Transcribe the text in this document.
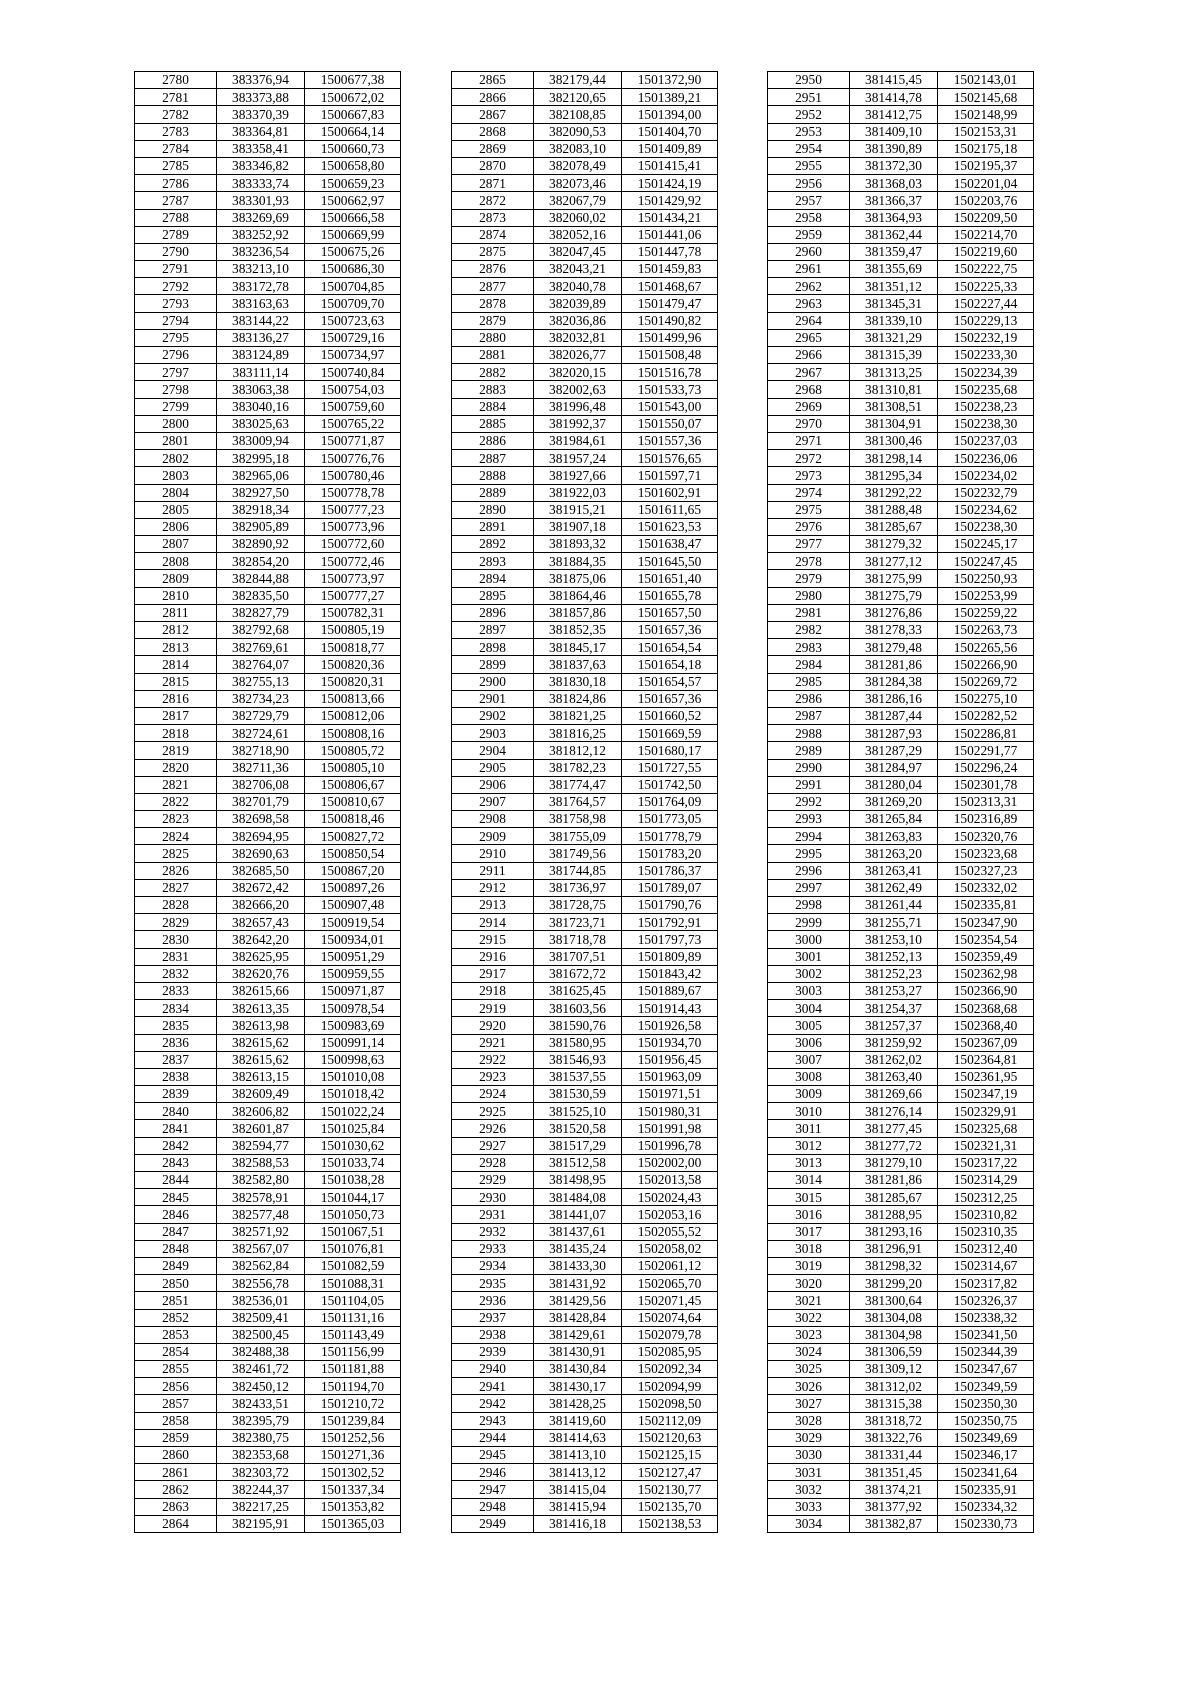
2780	383376,94	1500677,38
2781	383373,88	1500672,02
2782	383370,39	1500667,83
2783	383364,81	1500664,14
2784	383358,41	1500660,73
2785	383346,82	1500658,80
2786	383333,74	1500659,23
2787	383301,93	1500662,97
2788	383269,69	1500666,58
2789	383252,92	1500669,99
2790	383236,54	1500675,26
2791	383213,10	1500686,30
2792	383172,78	1500704,85
2793	383163,63	1500709,70
2794	383144,22	1500723,63
2795	383136,27	1500729,16
2796	383124,89	1500734,97
2797	383111,14	1500740,84
2798	383063,38	1500754,03
2799	383040,16	1500759,60
2800	383025,63	1500765,22
2801	383009,94	1500771,87
2802	382995,18	1500776,76
2803	382965,06	1500780,46
2804	382927,50	1500778,78
2805	382918,34	1500777,23
2806	382905,89	1500773,96
2807	382890,92	1500772,60
2808	382854,20	1500772,46
2809	382844,88	1500773,97
2810	382835,50	1500777,27
2811	382827,79	1500782,31
2812	382792,68	1500805,19
2813	382769,61	1500818,77
2814	382764,07	1500820,36
2815	382755,13	1500820,31
2816	382734,23	1500813,66
2817	382729,79	1500812,06
2818	382724,61	1500808,16
2819	382718,90	1500805,72
2820	382711,36	1500805,10
2821	382706,08	1500806,67
2822	382701,79	1500810,67
2823	382698,58	1500818,46
2824	382694,95	1500827,72
2825	382690,63	1500850,54
2826	382685,50	1500867,20
2827	382672,42	1500897,26
2828	382666,20	1500907,48
2829	382657,43	1500919,54
2830	382642,20	1500934,01
2831	382625,95	1500951,29
2832	382620,76	1500959,55
2833	382615,66	1500971,87
2834	382613,35	1500978,54
2835	382613,98	1500983,69
2836	382615,62	1500991,14
2837	382615,62	1500998,63
2838	382613,15	1501010,08
2839	382609,49	1501018,42
2840	382606,82	1501022,24
2841	382601,87	1501025,84
2842	382594,77	1501030,62
2843	382588,53	1501033,74
2844	382582,80	1501038,28
2845	382578,91	1501044,17
2846	382577,48	1501050,73
2847	382571,92	1501067,51
2848	382567,07	1501076,81
2849	382562,84	1501082,59
2850	382556,78	1501088,31
2851	382536,01	1501104,05
2852	382509,41	1501131,16
2853	382500,45	1501143,49
2854	382488,38	1501156,99
2855	382461,72	1501181,88
2856	382450,12	1501194,70
2857	382433,51	1501210,72
2858	382395,79	1501239,84
2859	382380,75	1501252,56
2860	382353,68	1501271,36
2861	382303,72	1501302,52
2862	382244,37	1501337,34
2863	382217,25	1501353,82
2864	382195,91	1501365,03
2865	382179,44	1501372,90
2866	382120,65	1501389,21
2867	382108,85	1501394,00
2868	382090,53	1501404,70
2869	382083,10	1501409,89
2870	382078,49	1501415,41
2871	382073,46	1501424,19
2872	382067,79	1501429,92
2873	382060,02	1501434,21
2874	382052,16	1501441,06
2875	382047,45	1501447,78
2876	382043,21	1501459,83
2877	382040,78	1501468,67
2878	382039,89	1501479,47
2879	382036,86	1501490,82
2880	382032,81	1501499,96
2881	382026,77	1501508,48
2882	382020,15	1501516,78
2883	382002,63	1501533,73
2884	381996,48	1501543,00
2885	381992,37	1501550,07
2886	381984,61	1501557,36
2887	381957,24	1501576,65
2888	381927,66	1501597,71
2889	381922,03	1501602,91
2890	381915,21	1501611,65
2891	381907,18	1501623,53
2892	381893,32	1501638,47
2893	381884,35	1501645,50
2894	381875,06	1501651,40
2895	381864,46	1501655,78
2896	381857,86	1501657,50
2897	381852,35	1501657,36
2898	381845,17	1501654,54
2899	381837,63	1501654,18
2900	381830,18	1501654,57
2901	381824,86	1501657,36
2902	381821,25	1501660,52
2903	381816,25	1501669,59
2904	381812,12	1501680,17
2905	381782,23	1501727,55
2906	381774,47	1501742,50
2907	381764,57	1501764,09
2908	381758,98	1501773,05
2909	381755,09	1501778,79
2910	381749,56	1501783,20
2911	381744,85	1501786,37
2912	381736,97	1501789,07
2913	381728,75	1501790,76
2914	381723,71	1501792,91
2915	381718,78	1501797,73
2916	381707,51	1501809,89
2917	381672,72	1501843,42
2918	381625,45	1501889,67
2919	381603,56	1501914,43
2920	381590,76	1501926,58
2921	381580,95	1501934,70
2922	381546,93	1501956,45
2923	381537,55	1501963,09
2924	381530,59	1501971,51
2925	381525,10	1501980,31
2926	381520,58	1501991,98
2927	381517,29	1501996,78
2928	381512,58	1502002,00
2929	381498,95	1502013,58
2930	381484,08	1502024,43
2931	381441,07	1502053,16
2932	381437,61	1502055,52
2933	381435,24	1502058,02
2934	381433,30	1502061,12
2935	381431,92	1502065,70
2936	381429,56	1502071,45
2937	381428,84	1502074,64
2938	381429,61	1502079,78
2939	381430,91	1502085,95
2940	381430,84	1502092,34
2941	381430,17	1502094,99
2942	381428,25	1502098,50
2943	381419,60	1502112,09
2944	381414,63	1502120,63
2945	381413,10	1502125,15
2946	381413,12	1502127,47
2947	381415,04	1502130,77
2948	381415,94	1502135,70
2949	381416,18	1502138,53
2950	381415,45	1502143,01
2951	381414,78	1502145,68
2952	381412,75	1502148,99
2953	381409,10	1502153,31
2954	381390,89	1502175,18
2955	381372,30	1502195,37
2956	381368,03	1502201,04
2957	381366,37	1502203,76
2958	381364,93	1502209,50
2959	381362,44	1502214,70
2960	381359,47	1502219,60
2961	381355,69	1502222,75
2962	381351,12	1502225,33
2963	381345,31	1502227,44
2964	381339,10	1502229,13
2965	381321,29	1502232,19
2966	381315,39	1502233,30
2967	381313,25	1502234,39
2968	381310,81	1502235,68
2969	381308,51	1502238,23
2970	381304,91	1502238,30
2971	381300,46	1502237,03
2972	381298,14	1502236,06
2973	381295,34	1502234,02
2974	381292,22	1502232,79
2975	381288,48	1502234,62
2976	381285,67	1502238,30
2977	381279,32	1502245,17
2978	381277,12	1502247,45
2979	381275,99	1502250,93
2980	381275,79	1502253,99
2981	381276,86	1502259,22
2982	381278,33	1502263,73
2983	381279,48	1502265,56
2984	381281,86	1502266,90
2985	381284,38	1502269,72
2986	381286,16	1502275,10
2987	381287,44	1502282,52
2988	381287,93	1502286,81
2989	381287,29	1502291,77
2990	381284,97	1502296,24
2991	381280,04	1502301,78
2992	381269,20	1502313,31
2993	381265,84	1502316,89
2994	381263,83	1502320,76
2995	381263,20	1502323,68
2996	381263,41	1502327,23
2997	381262,49	1502332,02
2998	381261,44	1502335,81
2999	381255,71	1502347,90
3000	381253,10	1502354,54
3001	381252,13	1502359,49
3002	381252,23	1502362,98
3003	381253,27	1502366,90
3004	381254,37	1502368,68
3005	381257,37	1502368,40
3006	381259,92	1502367,09
3007	381262,02	1502364,81
3008	381263,40	1502361,95
3009	381269,66	1502347,19
3010	381276,14	1502329,91
3011	381277,45	1502325,68
3012	381277,72	1502321,31
3013	381279,10	1502317,22
3014	381281,86	1502314,29
3015	381285,67	1502312,25
3016	381288,95	1502310,82
3017	381293,16	1502310,35
3018	381296,91	1502312,40
3019	381298,32	1502314,67
3020	381299,20	1502317,82
3021	381300,64	1502326,37
3022	381304,08	1502338,32
3023	381304,98	1502341,50
3024	381306,59	1502344,39
3025	381309,12	1502347,67
3026	381312,02	1502349,59
3027	381315,38	1502350,30
3028	381318,72	1502350,75
3029	381322,76	1502349,69
3030	381331,44	1502346,17
3031	381351,45	1502341,64
3032	381374,21	1502335,91
3033	381377,92	1502334,32
3034	381382,87	1502330,73
